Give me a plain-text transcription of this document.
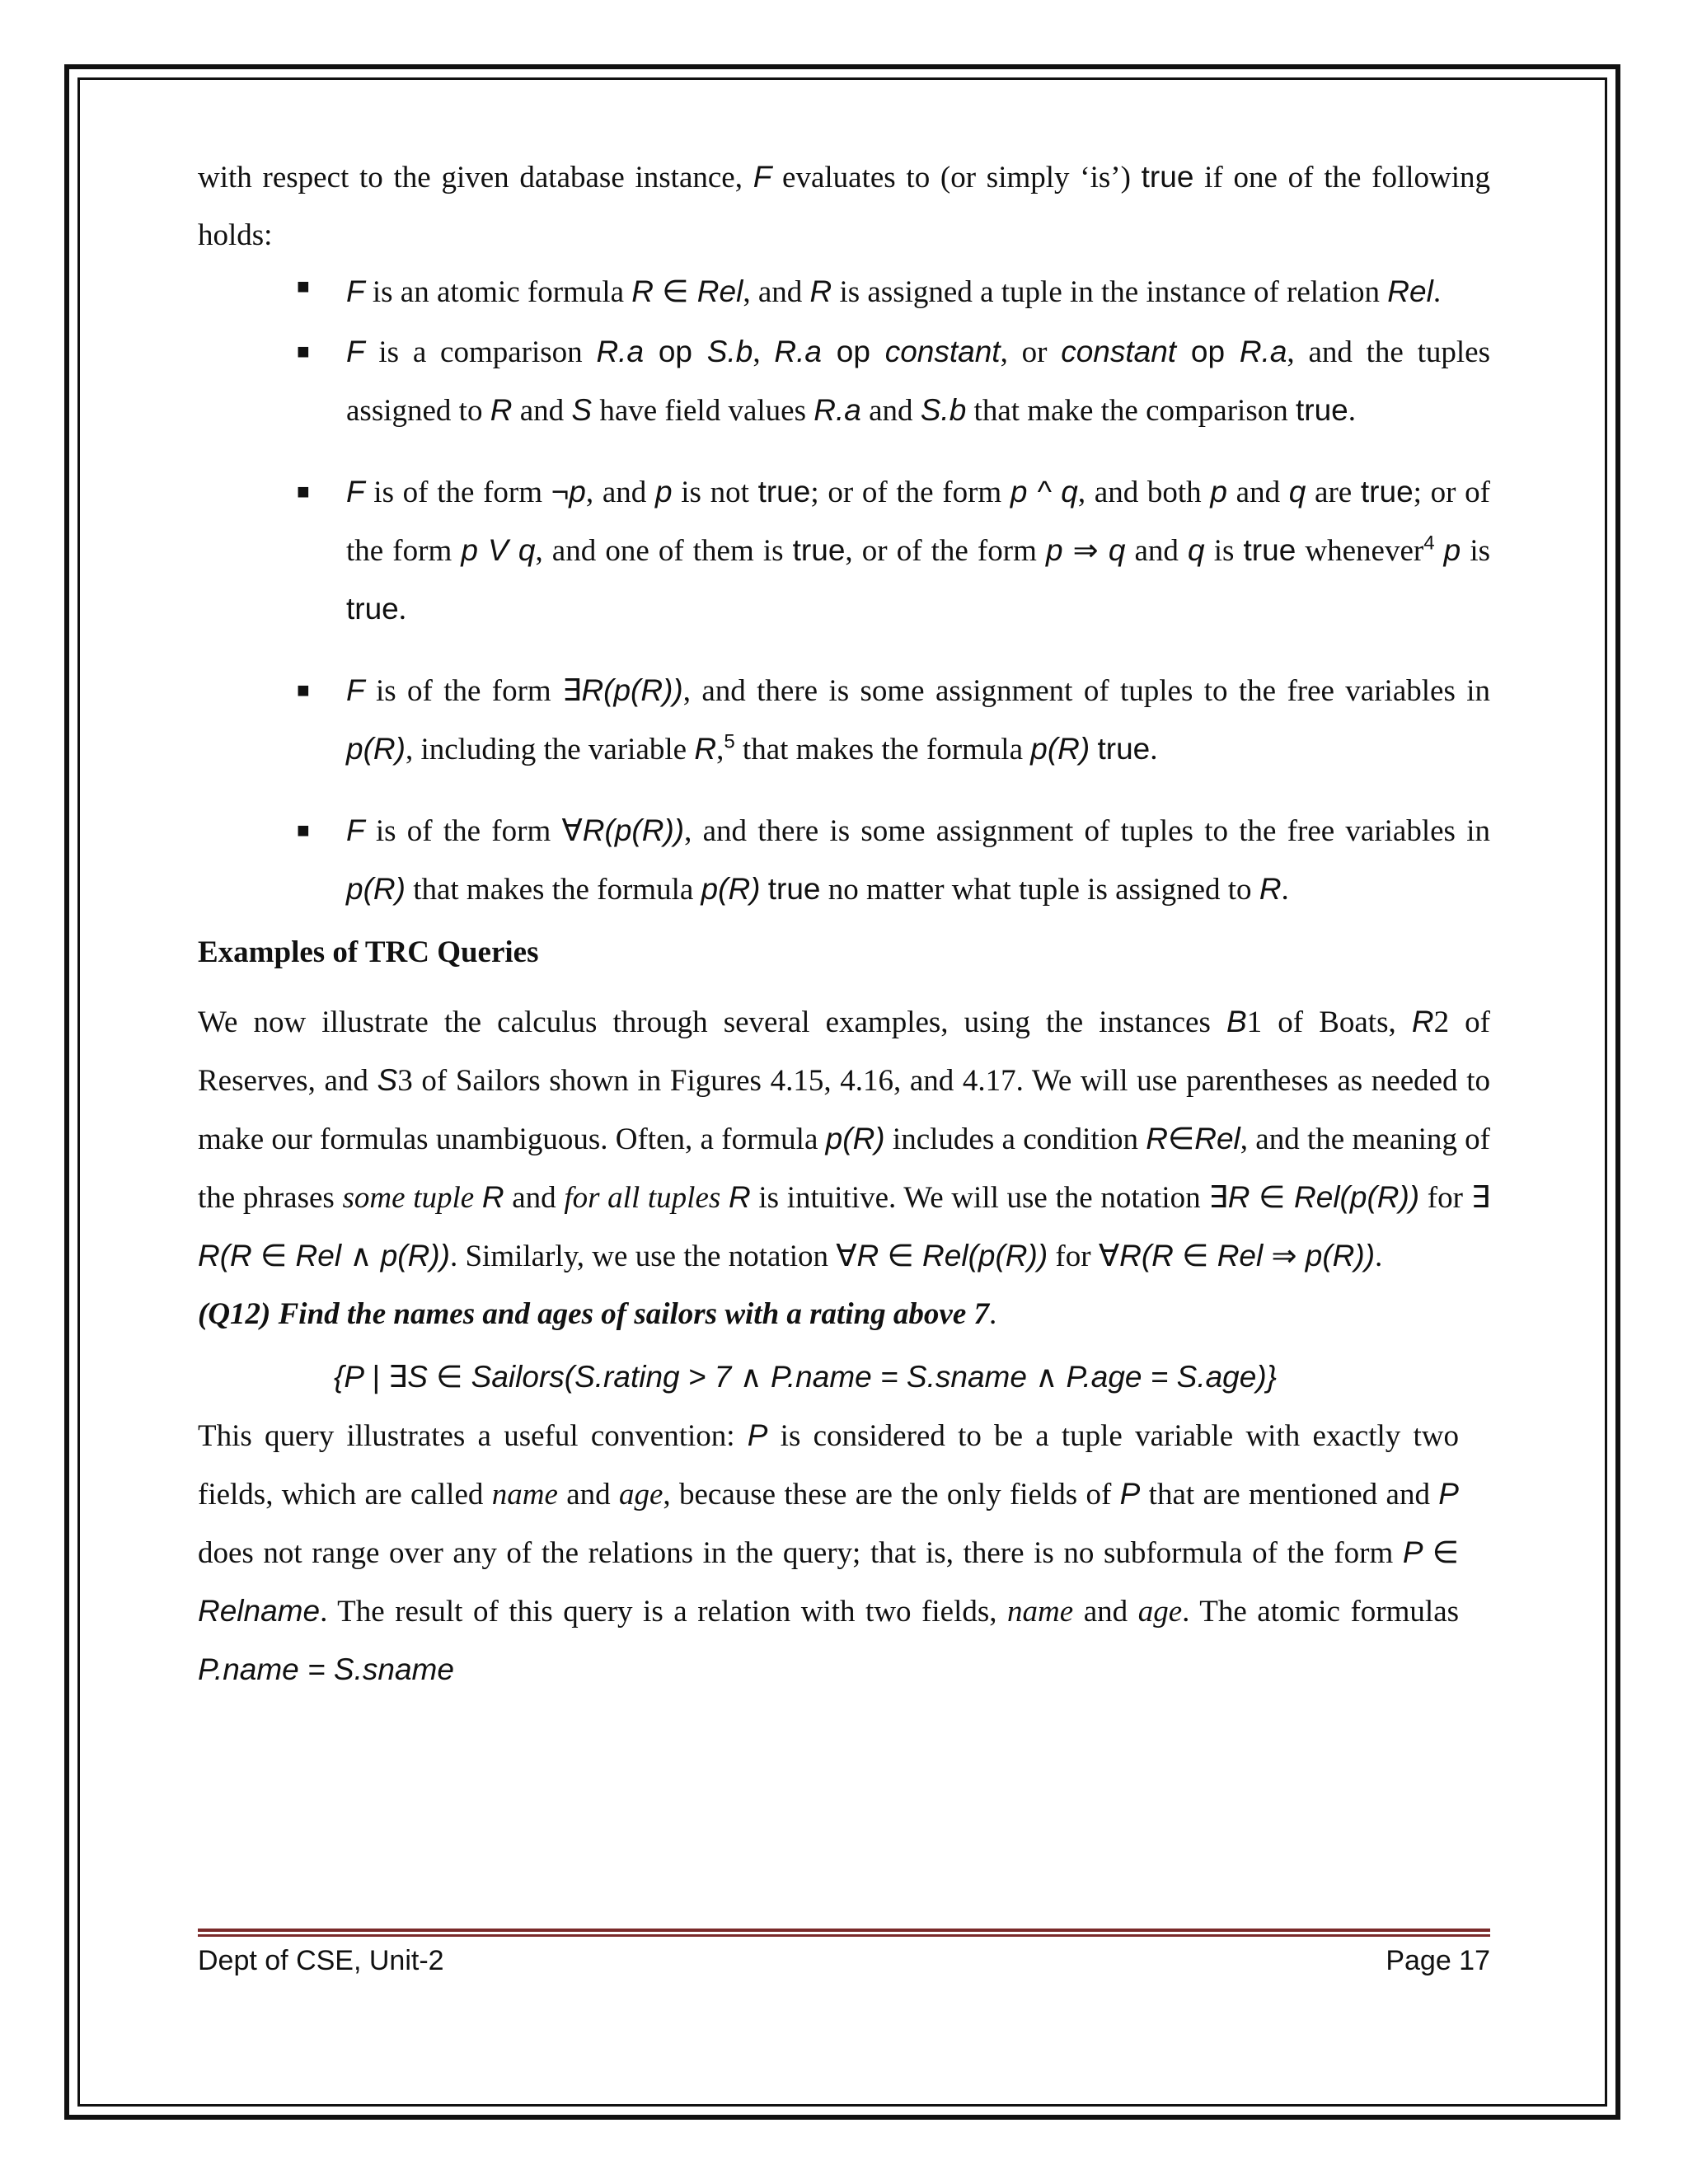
with respect to the given database instance, F evaluates to (or simply ‘is’) true if one of the following holds:

■ F is an atomic formula R ∈ Rel, and R is assigned a tuple in the instance of relation Rel.
■ F is a comparison R.a op S.b, R.a op constant, or constant op R.a, and the tuples assigned to R and S have field values R.a and S.b that make the comparison true.
■ F is of the form ¬p, and p is not true; or of the form p ^ q, and both p and q are true; or of the form p V q, and one of them is true, or of the form p ⇒ q and q is true whenever$^4$ p is true.
■ F is of the form ∃R(p(R)), and there is some assignment of tuples to the free variables in p(R), including the variable R,$^5$ that makes the formula p(R) true.
■ F is of the form ∀R(p(R)), and there is some assignment of tuples to the free variables in p(R) that makes the formula p(R) true no matter what tuple is assigned to R.
Examples of TRC Queries

We now illustrate the calculus through several examples, using the instances B1 of Boats, R2 of Reserves, and S3 of Sailors shown in Figures 4.15, 4.16, and 4.17. We will use parentheses as needed to make our formulas unambiguous. Often, a formula p(R) includes a condition R∈Rel, and the meaning of the phrases some tuple R and for all tuples R is intuitive. We will use the notation ∃R ∈ Rel(p(R)) for ∃ R(R ∈ Rel ∧ p(R)). Similarly, we use the notation ∀R ∈ Rel(p(R)) for ∀R(R ∈ Rel ⇒ p(R)).

(Q12) Find the names and ages of sailors with a rating above 7.

{P | ∃S ∈ Sailors(S.rating > 7 ∧ P.name = S.sname ∧ P.age = S.age)}

This query illustrates a useful convention: P is considered to be a tuple variable with exactly two fields, which are called name and age, because these are the only fields of P that are mentioned and P does not range over any of the relations in the query; that is, there is no subformula of the form P ∈ Relname. The result of this query is a relation with two fields, name and age. The atomic formulas P.name = S.sname

Dept of CSE, Unit-2	Page 17
